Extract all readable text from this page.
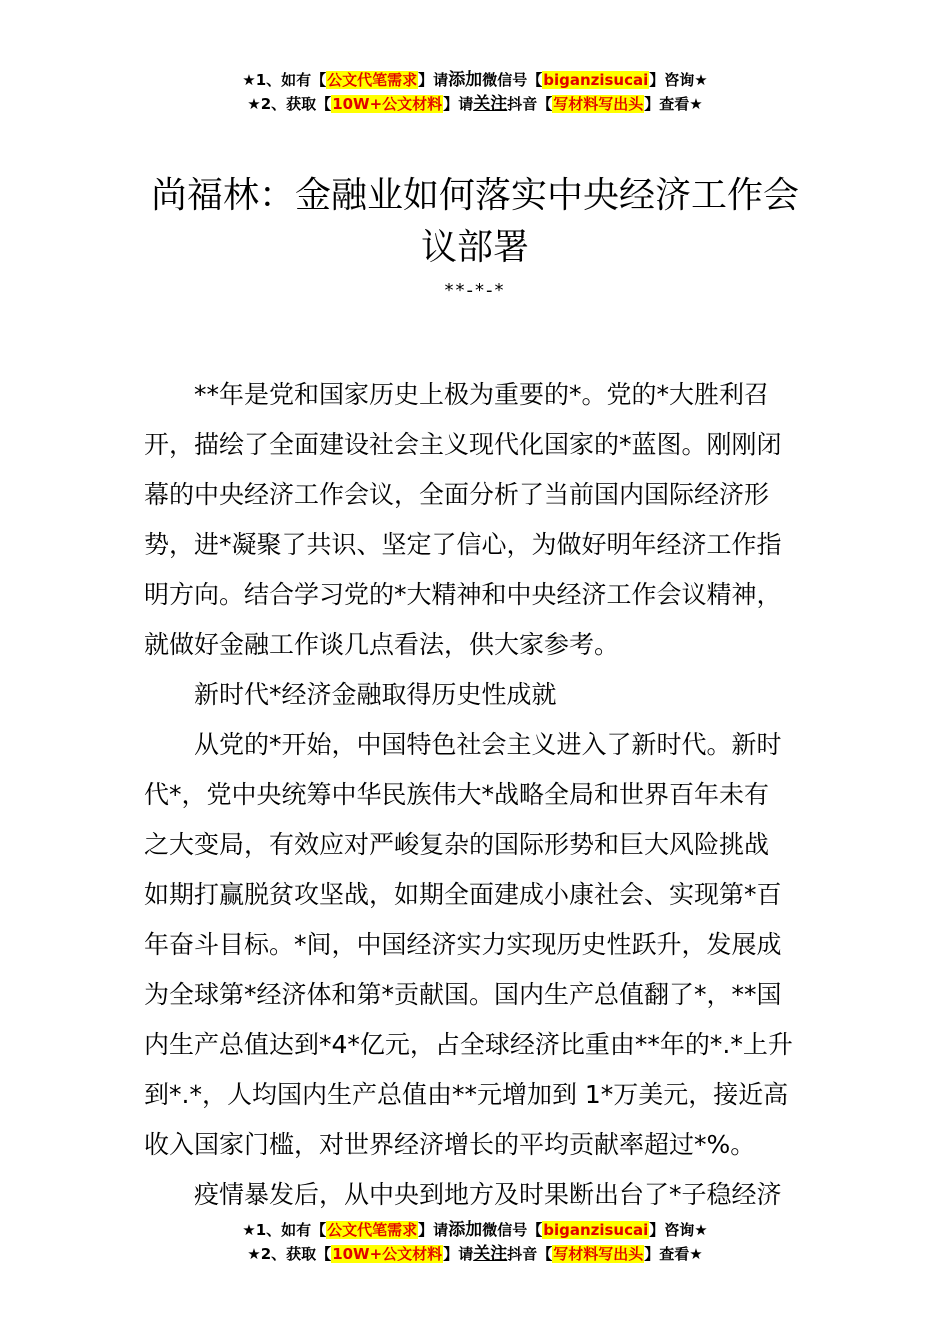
★1、如有【公文代笔需求】请添加微信号【biganzisucai】咨询★
★2、获取【10W+公文材料】请关注抖音【写材料写出头】查看★
尚福林：金融业如何落实中央经济工作会
议部署
**-*-*
**年是党和国家历史上极为重要的*。党的*大胜利召
开，描绘了全面建设社会主义现代化国家的*蓝图。刚刚闭
幕的中央经济工作会议，全面分析了当前国内国际经济形
势，进*凝聚了共识、坚定了信心，为做好明年经济工作指
明方向。结合学习党的*大精神和中央经济工作会议精神，
就做好金融工作谈几点看法，供大家参考。
新时代*经济金融取得历史性成就
从党的*开始，中国特色社会主义进入了新时代。新时
代*，党中央统筹中华民族伟大*战略全局和世界百年未有
之大变局，有效应对严峻复杂的国际形势和巨大风险挑战
如期打赢脱贫攻坚战，如期全面建成小康社会、实现第*百
年奋斗目标。*间，中国经济实力实现历史性跃升，发展成
为全球第*经济体和第*贡献国。国内生产总值翻了*，**国
内生产总值达到*4*亿元，占全球经济比重由**年的*.*上升
到*.*，人均国内生产总值由**元增加到 1*万美元，接近高
收入国家门槛，对世界经济增长的平均贡献率超过*%。
疫情暴发后，从中央到地方及时果断出台了*子稳经济
★1、如有【公文代笔需求】请添加微信号【biganzisucai】咨询★
★2、获取【10W+公文材料】请关注抖音【写材料写出头】查看★
